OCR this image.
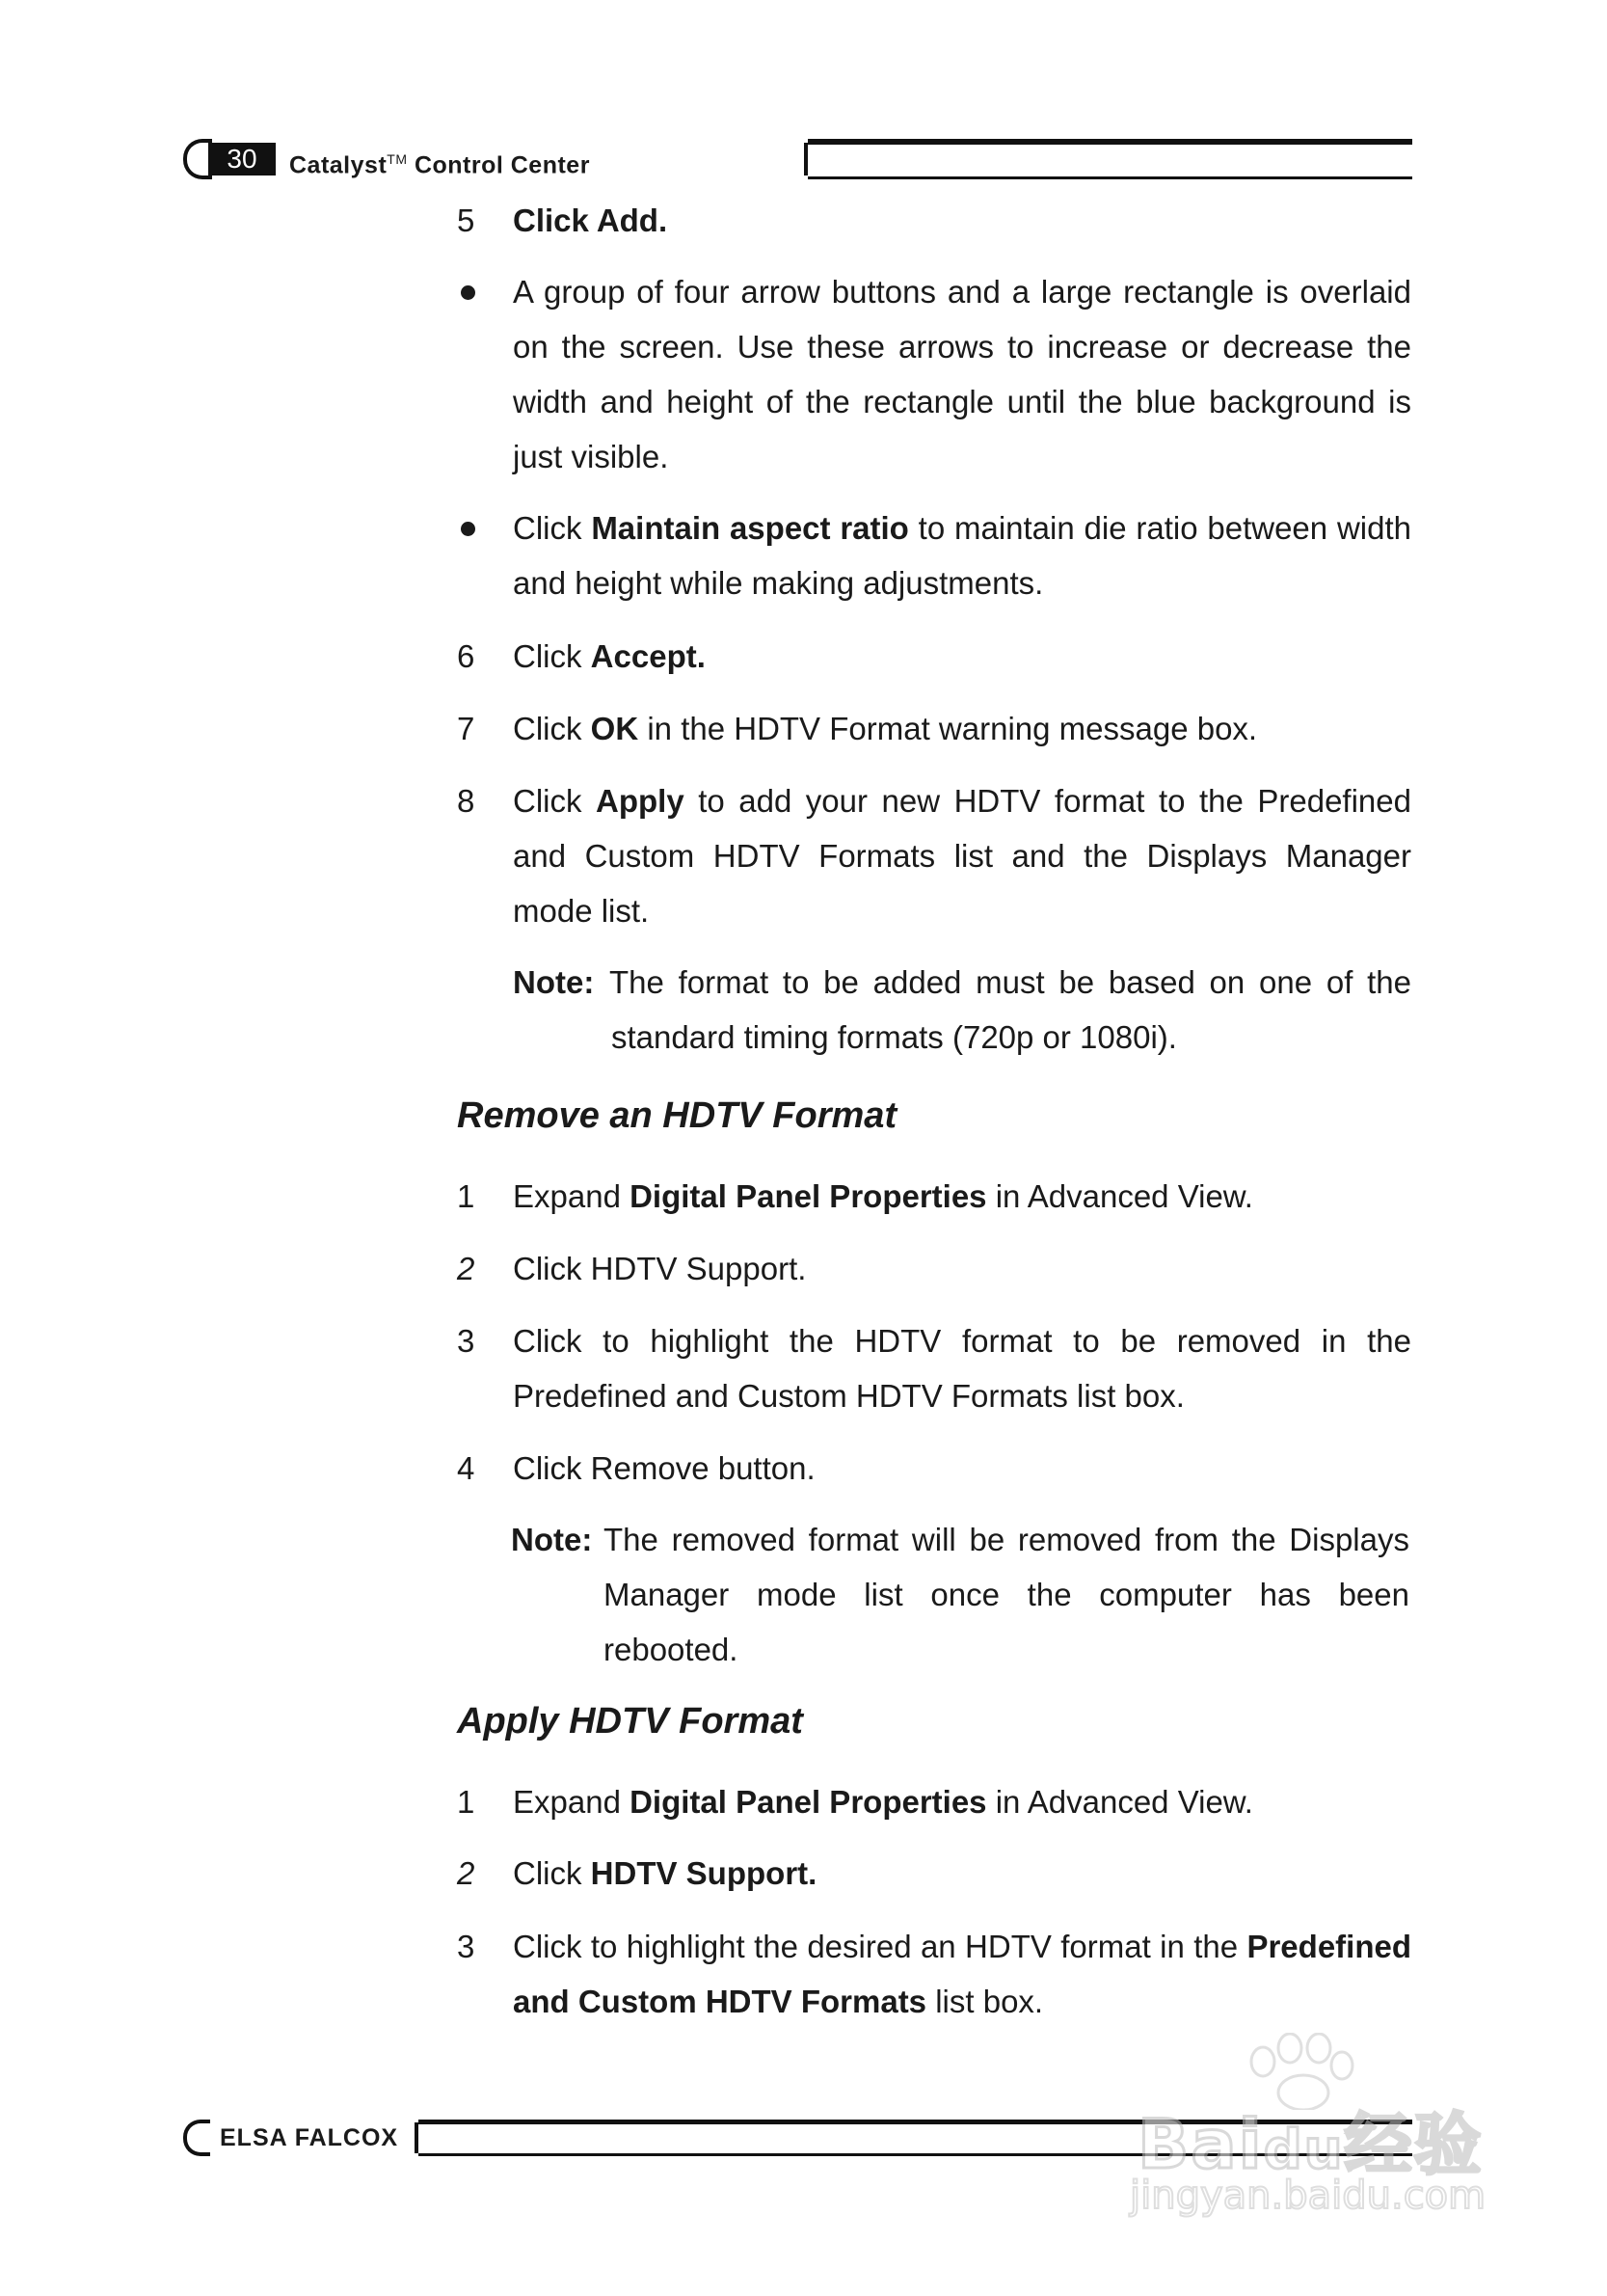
30	Catalyst™ Control Center
5	Click Add.
A group of four arrow buttons and a large rectangle is overlaid on the screen. Use these arrows to increase or decrease the width and height of the rectangle until the blue background is just visible.
Click Maintain aspect ratio to maintain die ratio between width and height while making adjustments.
6	Click Accept.
7	Click OK in the HDTV Format warning message box.
8	Click Apply to add your new HDTV format to the Predefined and Custom HDTV Formats list and the Displays Manager mode list.
Note: The format to be added must be based on one of the standard timing formats (720p or 1080i).
Remove an HDTV Format
1	Expand Digital Panel Properties in Advanced View.
2	Click HDTV Support.
3	Click to highlight the HDTV format to be removed in the Predefined and Custom HDTV Formats list box.
4	Click Remove button.
Note: The removed format will be removed from the Displays Manager mode list once the computer has been rebooted.
Apply HDTV Format
1	Expand Digital Panel Properties in Advanced View.
2	Click HDTV Support.
3	Click to highlight the desired an HDTV format in the Predefined and Custom HDTV Formats list box.
ELSA FALCOX	Baidu经验
jingyan.baidu.com
